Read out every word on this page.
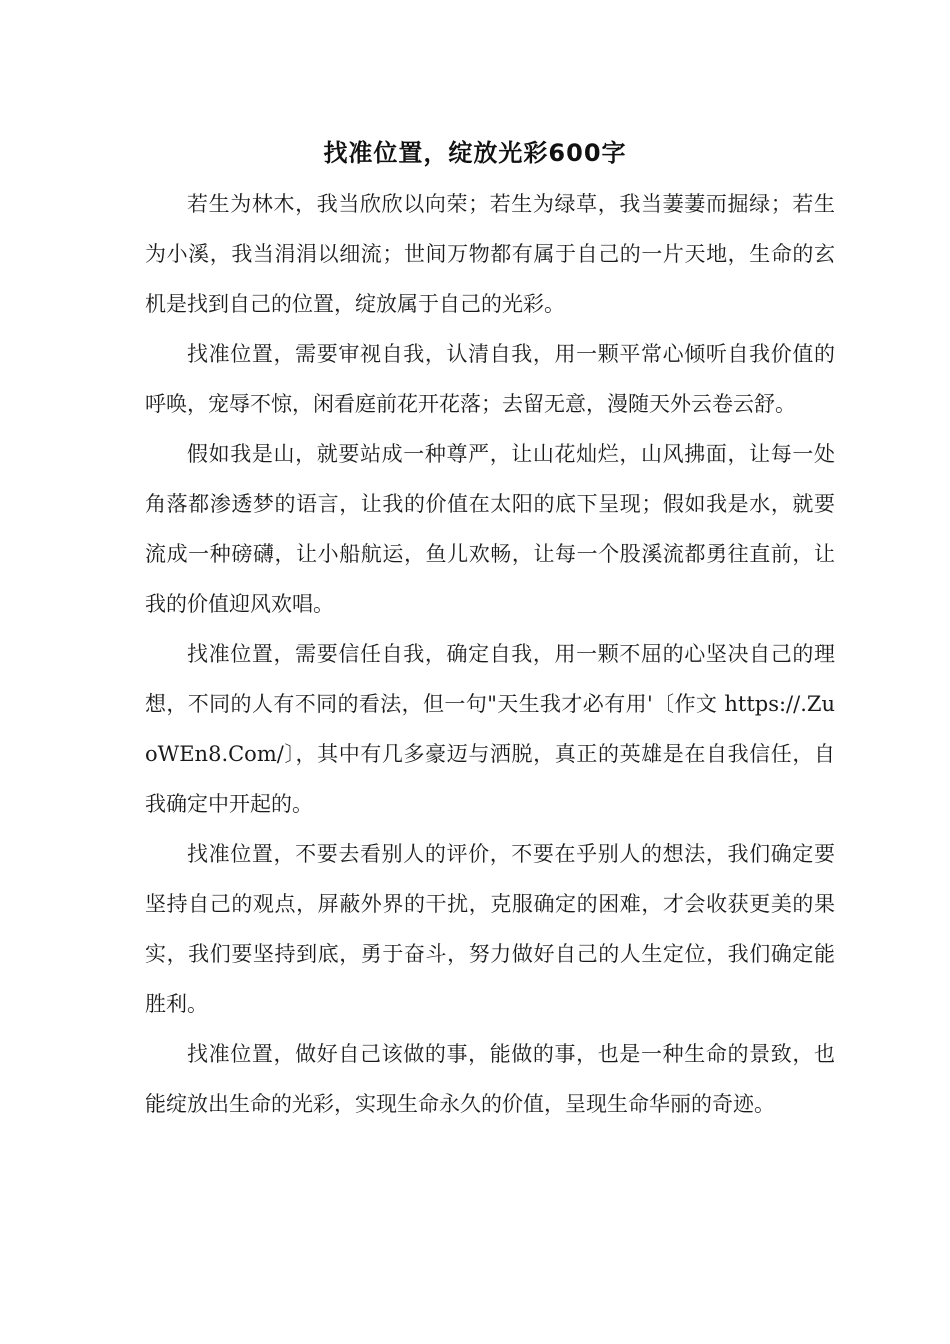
找准位置，绽放光彩600字

若生为林木，我当欣欣以向荣；若生为绿草，我当萋萋而掘绿；若生为小溪，我当涓涓以细流；世间万物都有属于自己的一片天地，生命的玄机是找到自己的位置，绽放属于自己的光彩。

找准位置，需要审视自我，认清自我，用一颗平常心倾听自我价值的呼唤，宠辱不惊，闲看庭前花开花落；去留无意，漫随天外云卷云舒。

假如我是山，就要站成一种尊严，让山花灿烂，山风拂面，让每一处角落都渗透梦的语言，让我的价值在太阳的底下呈现；假如我是水，就要流成一种磅礴，让小船航运，鱼儿欢畅，让每一个股溪流都勇往直前，让我的价值迎风欢唱。

找准位置，需要信任自我，确定自我，用一颗不屈的心坚决自己的理想，不同的人有不同的看法，但一句"天生我才必有用'〔作文 https://.ZuoWEn8.Com/〕，其中有几多豪迈与洒脱，真正的英雄是在自我信任，自我确定中开起的。

找准位置，不要去看别人的评价，不要在乎别人的想法，我们确定要坚持自己的观点，屏蔽外界的干扰，克服确定的困难，才会收获更美的果实，我们要坚持到底，勇于奋斗，努力做好自己的人生定位，我们确定能胜利。

找准位置，做好自己该做的事，能做的事，也是一种生命的景致，也能绽放出生命的光彩，实现生命永久的价值，呈现生命华丽的奇迹。
